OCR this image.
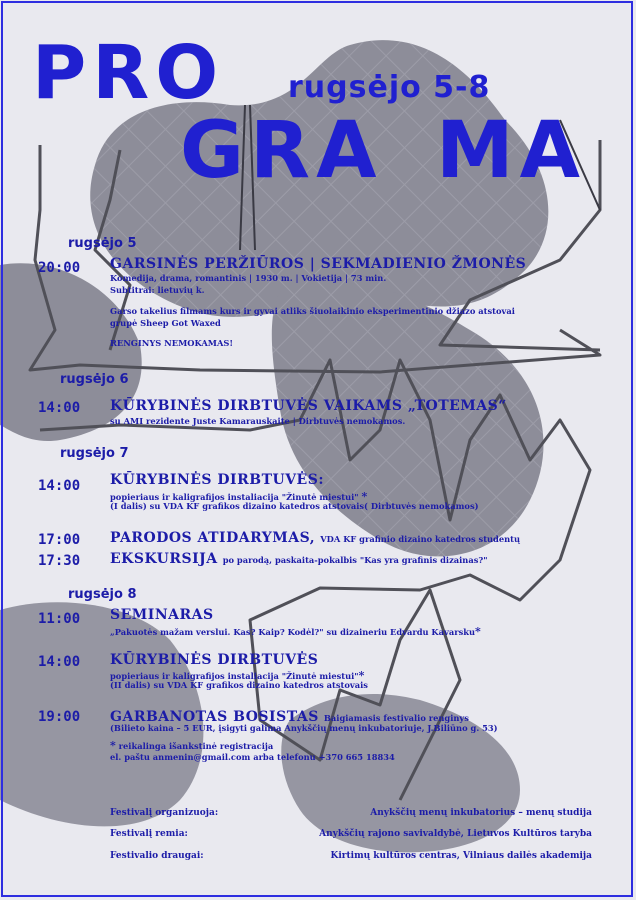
PRO rugsėjo 5-8
GRA MA
rugsėjo 5
20:00 GARSINĖS PERŽIŪROS | SEKMADIENIO ŽMONĖS
Komedija, drama, romantinis | 1930 m. | Vokietija | 73 min.
Subtitrai: lietuvių k.
Garso takelius filmams kurs ir gyvai atliks šiuolaikinio eksperimentinio džiazo atstovai
grupė Sheep Got Waxed
RENGINYS NEMOKAMAS!
rugsėjo 6
14:00 KŪRYBINĖS DIRBTUVĖS VAIKAMS „TOTEMAS“
su AMI rezidente Juste Kamarauskaite | Dirbtuvės nemokamos.
rugsėjo 7
14:00 KŪRYBINĖS DIRBTUVĖS:
popieriaus ir kaligrafijos instaliacija "Žinutė miestui" *
(I dalis) su VDA KF grafikos dizaino katedros atstovais( Dirbtuvės nemokamos)
17:00 PARODOS ATIDARYMAS, VDA KF grafinio dizaino katedros studentų
17:30 EKSKURSIJA po parodą, paskaita-pokalbis "Kas yra grafinis dizainas?"
rugsėjo 8
11:00 SEMINARAS
„Pakuotės mažam verslui. Kas? Kaip? Kodėl?" su dizaineriu Edvardu Kavarsku*
14:00 KŪRYBINĖS DIRBTUVĖS
popieriaus ir kaligrafijos instaliacija "Žinutė miestui"*
(II dalis) su VDA KF grafikos dizaino katedros atstovais
19:00 GARBANOTAS BOSISTAS Baigiamasis festivalio renginys
(Bilieto kaina – 5 EUR, įsigyti galima Anykščių menų inkubatoriuje, J.Biliūno g. 53)
* reikalinga išankstinė registracija
el. paštu anmenin@gmail.com arba telefonu +370 665 18834
Festivalį organizuoja:	Anykščių menų inkubatorius – menų studija
Festivalį remia:	Anykščių rajono savivaldybė, Lietuvos Kultūros taryba
Festivalio draugai:	Kirtimų kultūros centras, Vilniaus dailės akademija
